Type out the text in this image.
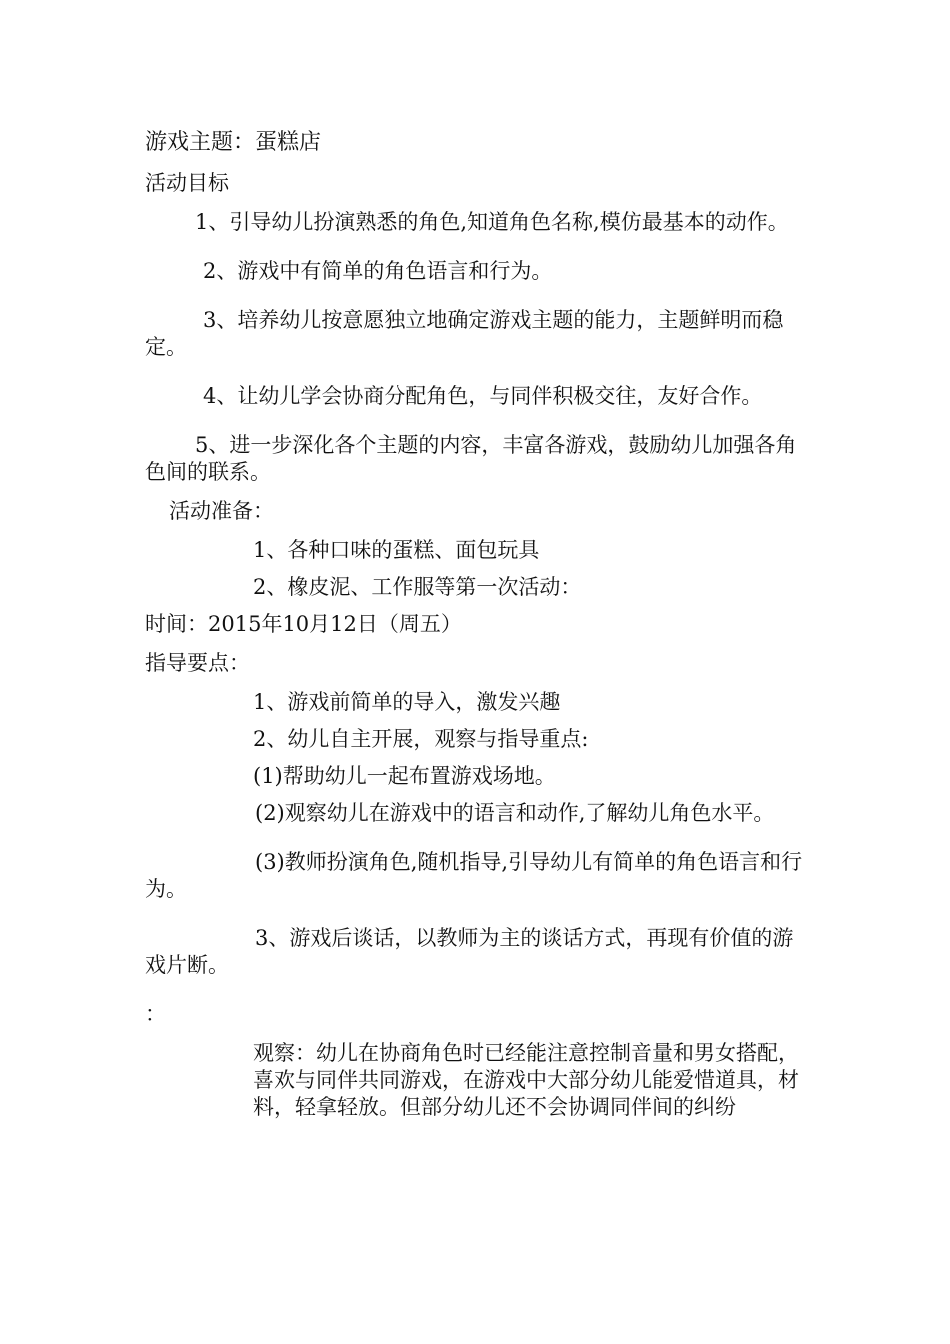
游戏主题：蛋糕店
活动目标
1、引导幼儿扮演熟悉的角色,知道角色名称,模仿最基本的动作。
2、游戏中有简单的角色语言和行为。
3、培养幼儿按意愿独立地确定游戏主题的能力，主题鲜明而稳定。
4、让幼儿学会协商分配角色，与同伴积极交往，友好合作。
5、进一步深化各个主题的内容，丰富各游戏，鼓励幼儿加强各角色间的联系。
活动准备：
1、各种口味的蛋糕、面包玩具
2、橡皮泥、工作服等第一次活动：
时间：2015年10月12日（周五）
指导要点：
1、游戏前简单的导入，激发兴趣
2、幼儿自主开展，观察与指导重点:
(1)帮助幼儿一起布置游戏场地。
(2)观察幼儿在游戏中的语言和动作,了解幼儿角色水平。
(3)教师扮演角色,随机指导,引导幼儿有简单的角色语言和行为。
3、游戏后谈话，以教师为主的谈话方式，再现有价值的游戏片断。
：
观察：幼儿在协商角色时已经能注意控制音量和男女搭配，喜欢与同伴共同游戏，在游戏中大部分幼儿能爱惜道具，材料，轻拿轻放。但部分幼儿还不会协调同伴间的纠纷
